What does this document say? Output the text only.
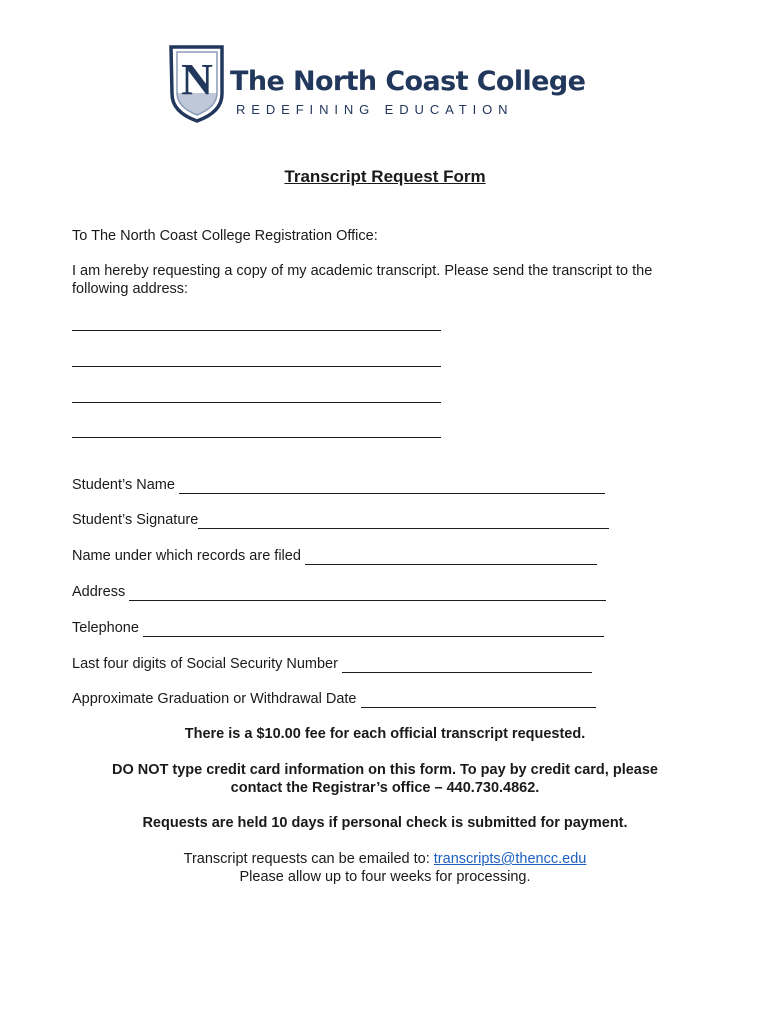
N The North Coast College
REDEFINING EDUCATION
Transcript Request Form
To The North Coast College Registration Office:
I am hereby requesting a copy of my academic transcript. Please send the transcript to the following address:
Student’s Name
Student’s Signature
Name under which records are filed
Address
Telephone
Last four digits of Social Security Number
Approximate Graduation or Withdrawal Date
There is a $10.00 fee for each official transcript requested.
DO NOT type credit card information on this form. To pay by credit card, please
contact the Registrar’s office – 440.730.4862.
Requests are held 10 days if personal check is submitted for payment.
Transcript requests can be emailed to: transcripts@thencc.edu
Please allow up to four weeks for processing.
